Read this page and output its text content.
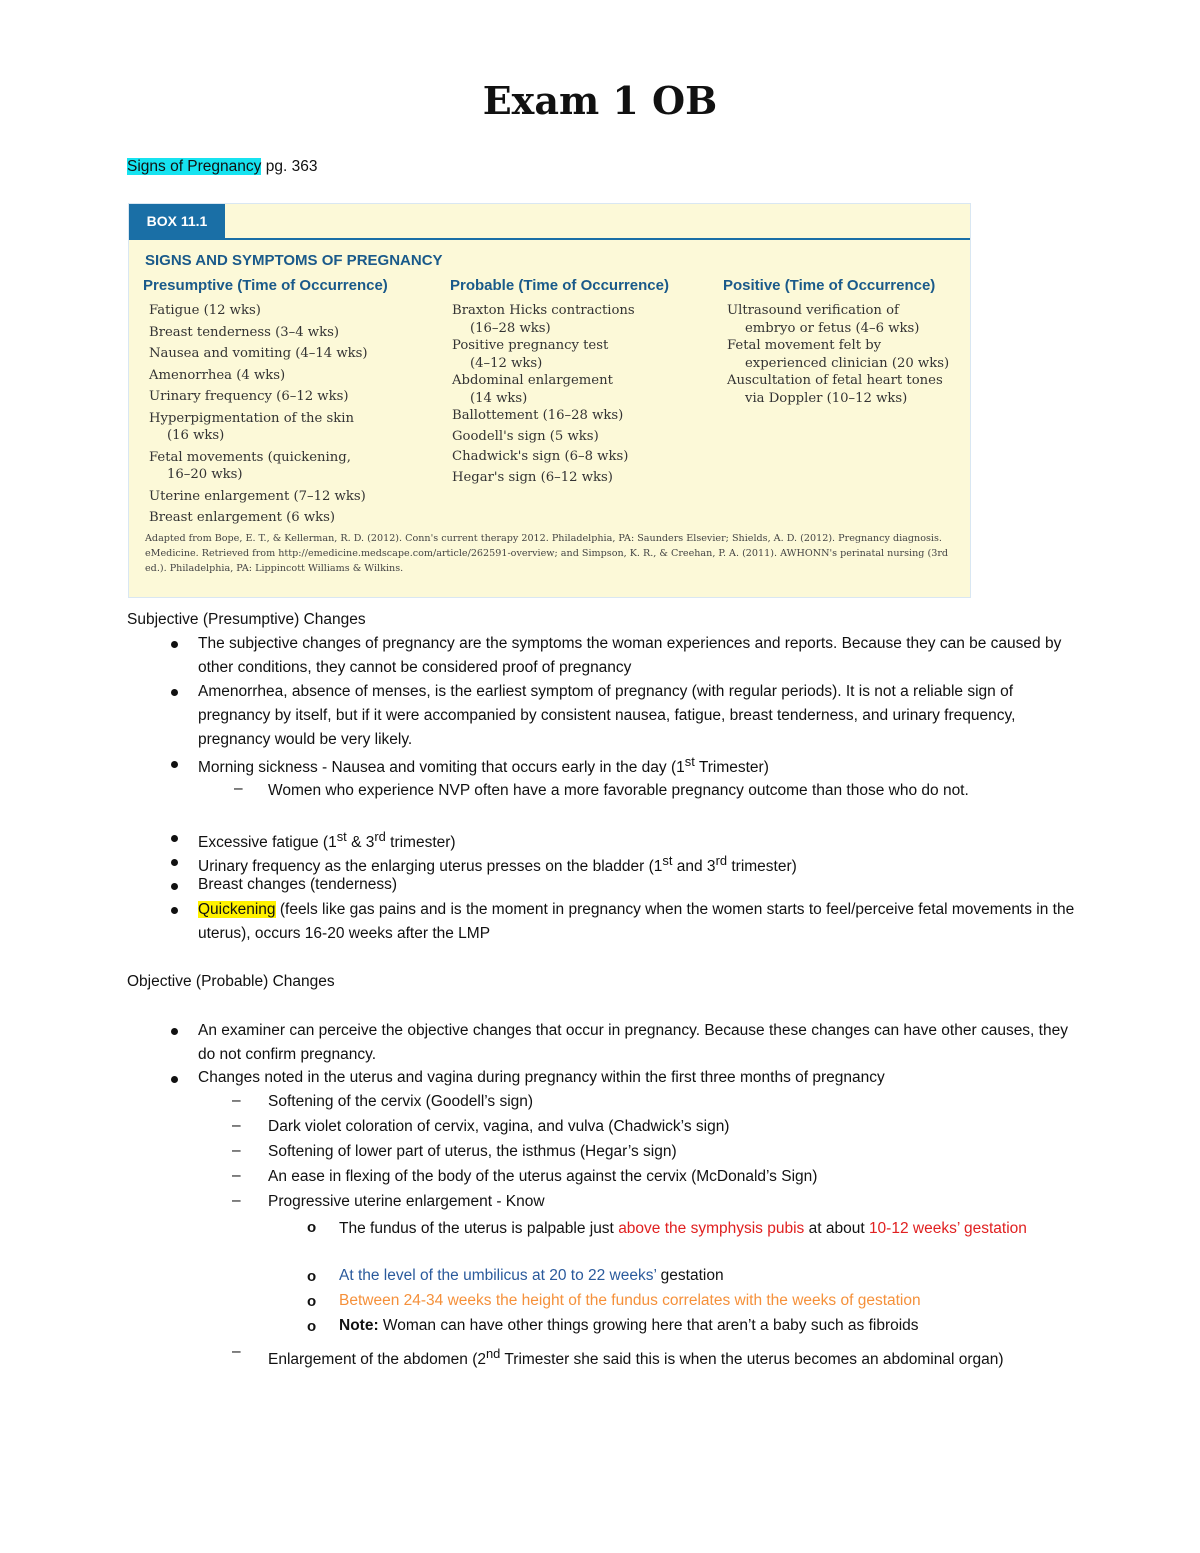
Exam 1 OB
Signs of Pregnancy pg. 363
BOX 11.1
SIGNS AND SYMPTOMS OF PREGNANCY
Presumptive (Time of Occurrence)	Probable (Time of Occurrence)	Positive (Time of Occurrence)
Fatigue (12 wks)
Breast tenderness (3–4 wks)
Nausea and vomiting (4–14 wks)
Amenorrhea (4 wks)
Urinary frequency (6–12 wks)
Hyperpigmentation of the skin
(16 wks)
Fetal movements (quickening,
16–20 wks)
Uterine enlargement (7–12 wks)
Breast enlargement (6 wks)
Braxton Hicks contractions
(16–28 wks)
Positive pregnancy test
(4–12 wks)
Abdominal enlargement
(14 wks)
Ballottement (16–28 wks)
Goodell's sign (5 wks)
Chadwick's sign (6–8 wks)
Hegar's sign (6–12 wks)
Ultrasound verification of
embryo or fetus (4–6 wks)
Fetal movement felt by
experienced clinician (20 wks)
Auscultation of fetal heart tones
via Doppler (10–12 wks)
Adapted from Bope, E. T., & Kellerman, R. D. (2012). Conn's current therapy 2012. Philadelphia, PA: Saunders Elsevier; Shields, A. D. (2012). Pregnancy diagnosis. eMedicine. Retrieved from http://emedicine.medscape.com/article/262591-overview; and Simpson, K. R., & Creehan, P. A. (2011). AWHONN's perinatal nursing (3rd ed.). Philadelphia, PA: Lippincott Williams & Wilkins.
Subjective (Presumptive) Changes
The subjective changes of pregnancy are the symptoms the woman experiences and reports. Because they can be caused by other conditions, they cannot be considered proof of pregnancy
Amenorrhea, absence of menses, is the earliest symptom of pregnancy (with regular periods). It is not a reliable sign of pregnancy by itself, but if it were accompanied by consistent nausea, fatigue, breast tenderness, and urinary frequency, pregnancy would be very likely.
Morning sickness - Nausea and vomiting that occurs early in the day (1st Trimester)
– Women who experience NVP often have a more favorable pregnancy outcome than those who do not.
Excessive fatigue (1st & 3rd trimester)
Urinary frequency as the enlarging uterus presses on the bladder (1st and 3rd trimester)
Breast changes (tenderness)
Quickening (feels like gas pains and is the moment in pregnancy when the women starts to feel/perceive fetal movements in the uterus), occurs 16-20 weeks after the LMP
Objective (Probable) Changes
An examiner can perceive the objective changes that occur in pregnancy. Because these changes can have other causes, they do not confirm pregnancy.
Changes noted in the uterus and vagina during pregnancy within the first three months of pregnancy
– Softening of the cervix (Goodell’s sign)
– Dark violet coloration of cervix, vagina, and vulva (Chadwick’s sign)
– Softening of lower part of uterus, the isthmus (Hegar’s sign)
– An ease in flexing of the body of the uterus against the cervix (McDonald’s Sign)
– Progressive uterine enlargement - Know
o The fundus of the uterus is palpable just above the symphysis pubis at about 10-12 weeks’ gestation
o At the level of the umbilicus at 20 to 22 weeks’ gestation
o Between 24-34 weeks the height of the fundus correlates with the weeks of gestation
o Note: Woman can have other things growing here that aren’t a baby such as fibroids
– Enlargement of the abdomen (2nd Trimester she said this is when the uterus becomes an abdominal organ)
